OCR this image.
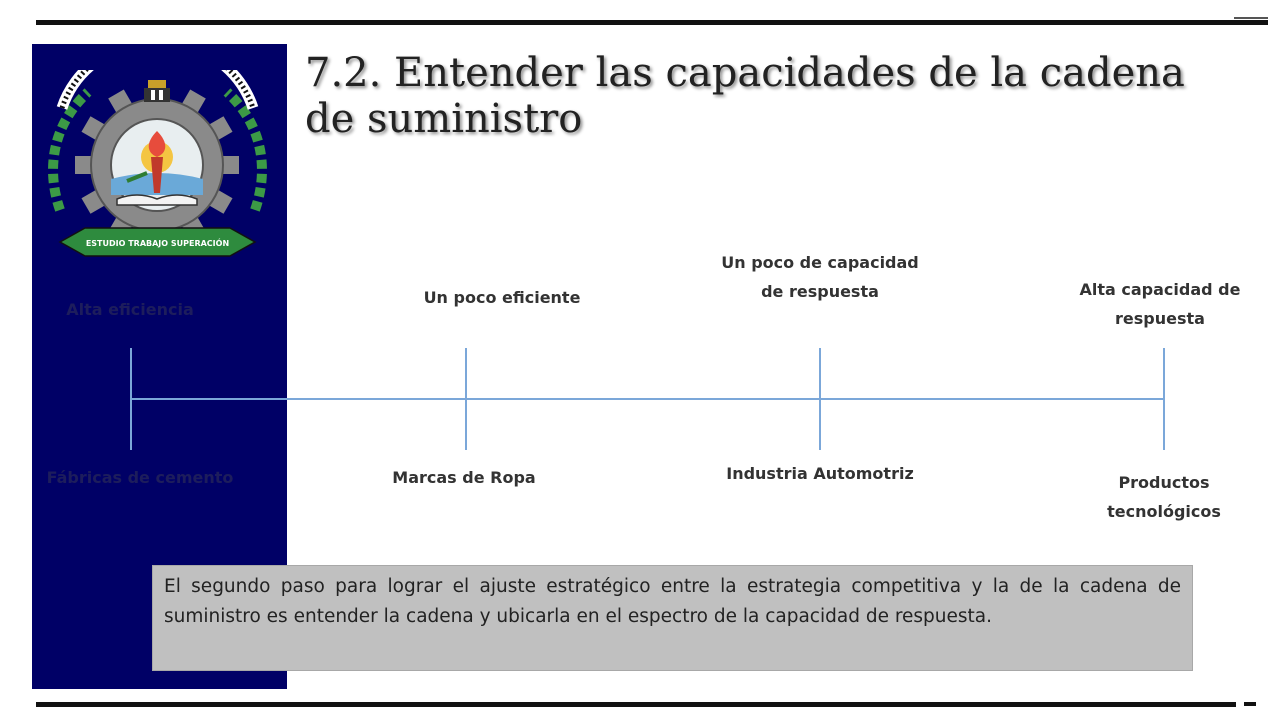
ESTUDIO TRABAJO SUPERACIÓN
7.2. Entender las capacidades de la cadena de suministro
Alta eficiencia
Un poco eficiente
Un poco de capacidad
de respuesta	Alta capacidad de
respuesta
Fábricas de cemento	Marcas de Ropa	Industria Automotriz	Productos
tecnológicos
El segundo paso para lograr el ajuste estratégico entre la estrategia competitiva y la de la cadena de suministro es entender la cadena y ubicarla en el espectro de la capacidad de respuesta.
